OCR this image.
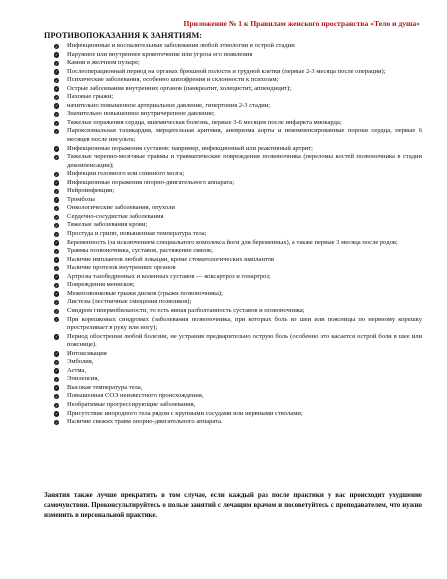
Приложение № 1 к Правилам женского пространства «Тело и душа»
ПРОТИВОПОКАЗАНИЯ К ЗАНЯТИЯМ:
✓ Инфекционные и воспалительные заболевания любой этиологии в острой стадии
✓ Наружное или внутреннее кровотечение или угроза его появления
✓ Камни в желчном пузыре;
✓ Послеоперационный период на органах брюшной полости и грудной клетки (первые 2-3 месяца после операции);
✓ Психические заболевания, особенно шизофрения и склонности к психозам;
✓ Острые заболевания внутренних органов (панкреатит, холецистит, аппендицит);
✓ Паховые грыжи;
✓ начительно повышенное артериальное давление, гипертония 2-3 стадии;
✓ Значительно повышенное внутричерепное давление;
✓ Тяжелые поражения сердца, ишемическая болезнь, первые 3-6 месяцев после инфаркта миокарда;
✓ Пароксизмальная тахикардия, мерцательная аритмия, аневризма аорты и некомпенсированные пороки сердца, первые 6 месяцев после инсульта;
✓ Инфекционные поражения суставов: например, инфекционный или реактивный артрит;
✓ Тяжелые черепно-мозговые травмы и травматические повреждения позвоночника (переломы костей позвоночника в стадии декомпенсации);
✓ Инфекции головного или спинного мозга;
✓ Инфекционные поражения опорно-двигательного аппарата;
✓ Нейроинфекции;
✓ Тромбозы
✓ Онкологические заболевания, опухоли
✓ Сердечно-сосудистые заболевания
✓ Тяжелые заболевания крови;
✓ Простуда и грипп, повышенная температура тела;
✓ Беременность (за исключением специального комплекса йоги для беременных), а также первые 3 месяца после родов;
✓ Травмы позвоночника, суставов, растяжение связок;
✓ Наличие имплантов любой локации, кроме стоматологических имплантов
✓ Наличие протезов внутренних органов
✓ Артрозы тазобедренных и коленных суставов — коксартроз и гонартроз;
✓ Повреждения менисков;
✓ Межпозвонковые грыжи дисков (грыжи позвоночника);
✓ Листезы (лестничные смещения позвонков);
✓ Синдром гипермобильности, то есть явная разболтанность суставов и позвоночника;
✓ При корешковых синдромах (заболевания позвоночника, при которых боль из шеи или поясницы по нервному корешку простреливает в руку или ногу);
✓ Период обострения любой болезни, не устранив предварительно острую боль (особенно это касается острой боли в шее или пояснице).
✓ Интоксикация
✓ Эмболия,
✓ Астма,
✓ Эпилепсия,
✓ Высокая температура тела,
✓ Повышенная СОЭ неизвестного происхождения,
✓ Необратимые прогрессирующие заболевания,
✓ Присутствие инородного тела рядом с крупными сосудами или нервными стволами;
✓ Наличие свежих травм опорно-двигательного аппарата.
Занятия также лучше прекратить в том случае, если каждый раз после практики у вас происходит ухудшение самочувствия. Проконсультируйтесь о пользе занятий с лечащим врачом и посоветуйтесь с преподавателем, что нужно изменить в персональной практике.
